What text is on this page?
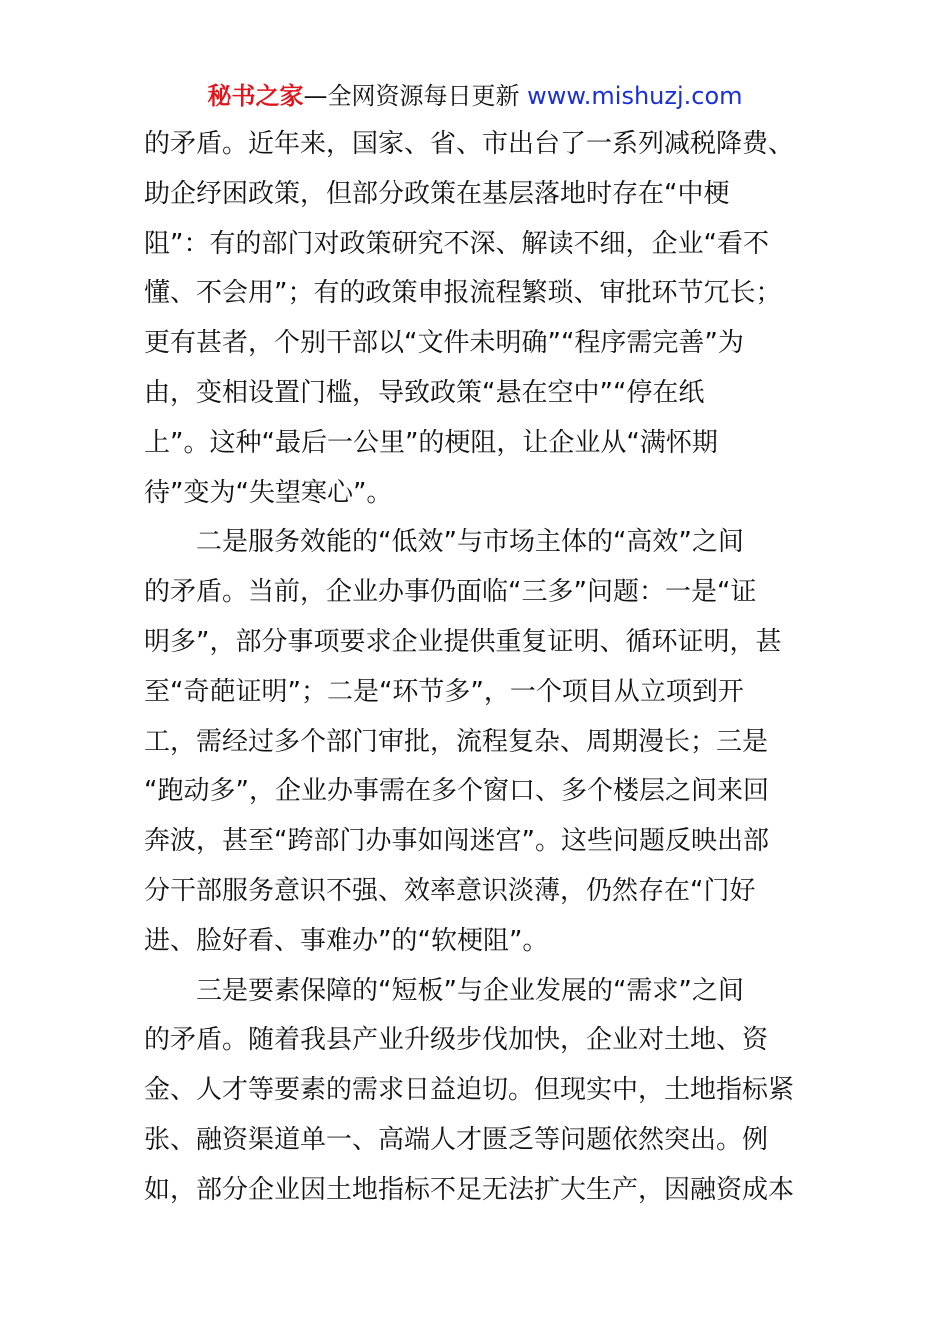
秘书之家—全网资源每日更新 www.mishuzj.com
的矛盾。近年来，国家、省、市出台了一系列减税降费、
助企纾困政策，但部分政策在基层落地时存在“中梗
阻”：有的部门对政策研究不深、解读不细，企业“看不
懂、不会用”；有的政策申报流程繁琐、审批环节冗长；
更有甚者，个别干部以“文件未明确”“程序需完善”为
由，变相设置门槛，导致政策“悬在空中”“停在纸
上”。这种“最后一公里”的梗阻，让企业从“满怀期
待”变为“失望寒心”。
　　二是服务效能的“低效”与市场主体的“高效”之间
的矛盾。当前，企业办事仍面临“三多”问题：一是“证
明多”，部分事项要求企业提供重复证明、循环证明，甚
至“奇葩证明”；二是“环节多”，一个项目从立项到开
工，需经过多个部门审批，流程复杂、周期漫长；三是
“跑动多”，企业办事需在多个窗口、多个楼层之间来回
奔波，甚至“跨部门办事如闯迷宫”。这些问题反映出部
分干部服务意识不强、效率意识淡薄，仍然存在“门好
进、脸好看、事难办”的“软梗阻”。
　　三是要素保障的“短板”与企业发展的“需求”之间
的矛盾。随着我县产业升级步伐加快，企业对土地、资
金、人才等要素的需求日益迫切。但现实中，土地指标紧
张、融资渠道单一、高端人才匮乏等问题依然突出。例
如，部分企业因土地指标不足无法扩大生产，因融资成本
